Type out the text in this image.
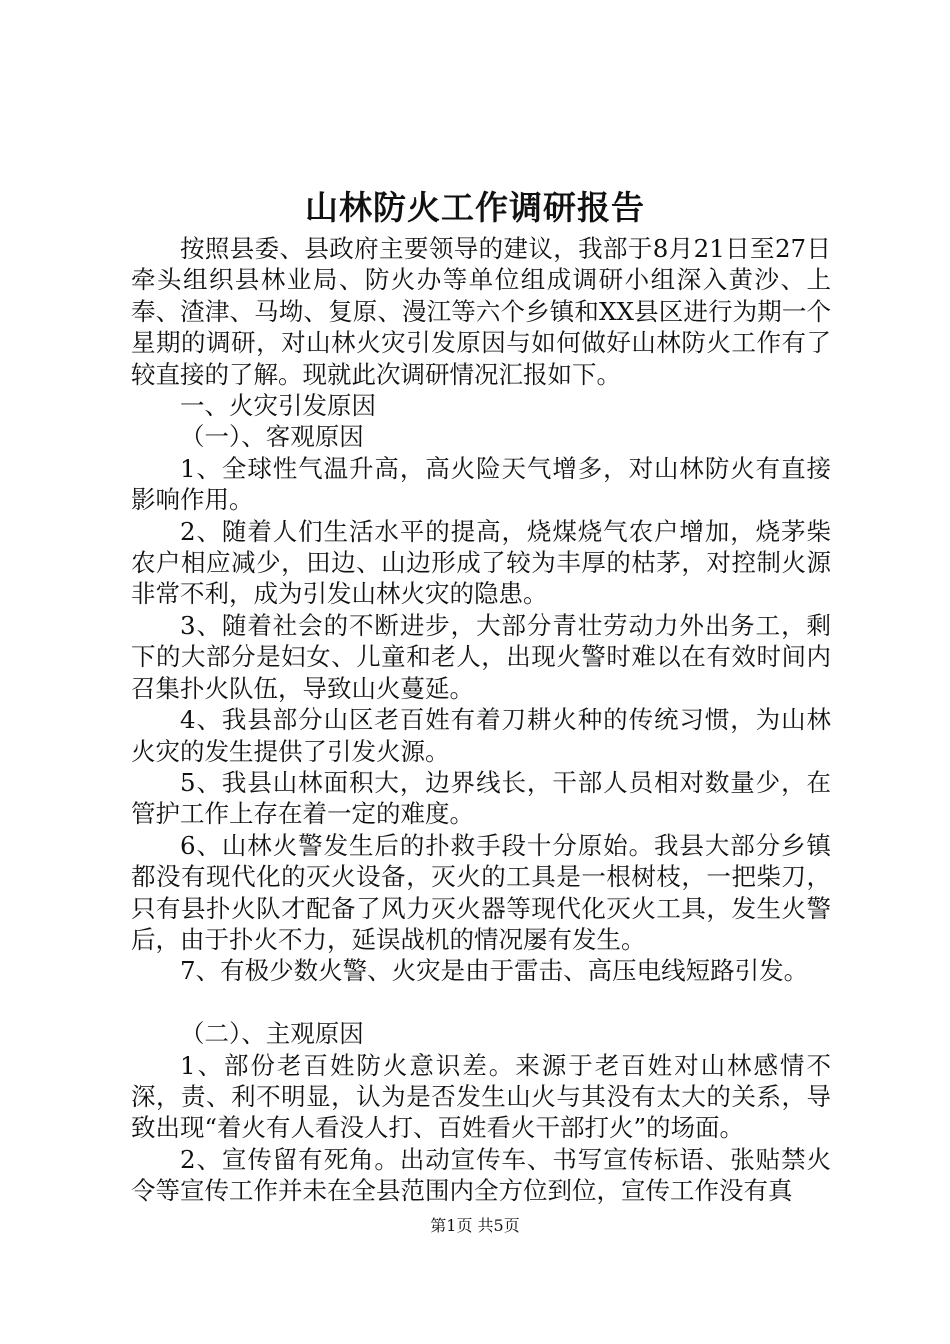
山林防火工作调研报告

按照县委、县政府主要领导的建议，我部于8月21日至27日牵头组织县林业局、防火办等单位组成调研小组深入黄沙、上奉、渣津、马坳、复原、漫江等六个乡镇和XX县区进行为期一个星期的调研，对山林火灾引发原因与如何做好山林防火工作有了较直接的了解。现就此次调研情况汇报如下。

一、火灾引发原因

（一）、客观原因

1、全球性气温升高，高火险天气增多，对山林防火有直接影响作用。

2、随着人们生活水平的提高，烧煤烧气农户增加，烧茅柴农户相应减少，田边、山边形成了较为丰厚的枯茅，对控制火源非常不利，成为引发山林火灾的隐患。

3、随着社会的不断进步，大部分青壮劳动力外出务工，剩下的大部分是妇女、儿童和老人，出现火警时难以在有效时间内召集扑火队伍，导致山火蔓延。

4、我县部分山区老百姓有着刀耕火种的传统习惯，为山林火灾的发生提供了引发火源。

5、我县山林面积大，边界线长，干部人员相对数量少，在管护工作上存在着一定的难度。

6、山林火警发生后的扑救手段十分原始。我县大部分乡镇都没有现代化的灭火设备，灭火的工具是一根树枝，一把柴刀，只有县扑火队才配备了风力灭火器等现代化灭火工具，发生火警后，由于扑火不力，延误战机的情况屡有发生。

7、有极少数火警、火灾是由于雷击、高压电线短路引发。

（二）、主观原因

1、部份老百姓防火意识差。来源于老百姓对山林感情不深，责、利不明显，认为是否发生山火与其没有太大的关系，导致出现“着火有人看没人打、百姓看火干部打火”的场面。

2、宣传留有死角。出动宣传车、书写宣传标语、张贴禁火令等宣传工作并未在全县范围内全方位到位，宣传工作没有真

第1页 共5页
